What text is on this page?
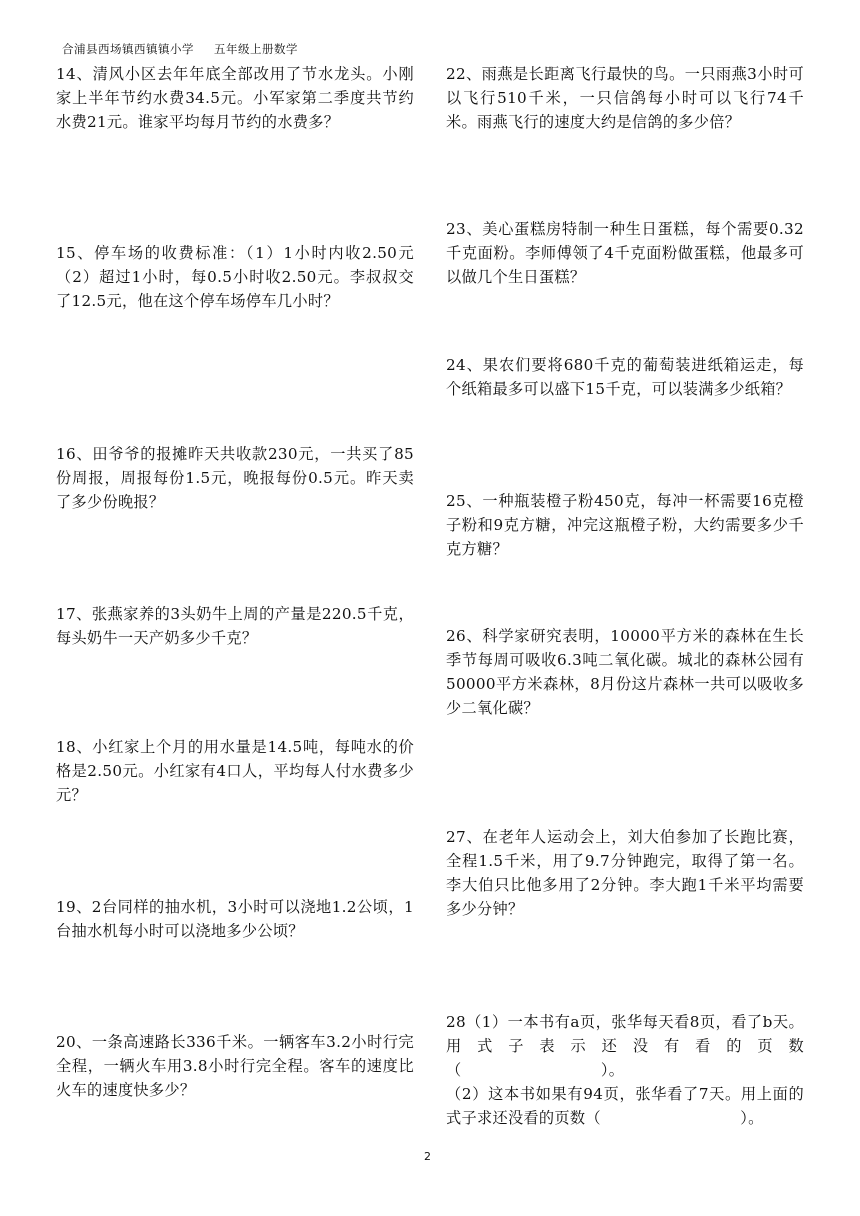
合浦县西场镇西镇镇小学 五年级上册数学

14、清风小区去年年底全部改用了节水龙头。小刚家上半年节约水费34.5元。小军家第二季度共节约水费21元。谁家平均每月节约的水费多？

15、停车场的收费标准：（1）1小时内收2.50元　（2）超过1小时，每0.5小时收2.50元。李叔叔交了12.5元，他在这个停车场停车几小时？

16、田爷爷的报摊昨天共收款230元，一共买了85份周报，周报每份1.5元，晚报每份0.5元。昨天卖了多少份晚报？

17、张燕家养的3头奶牛上周的产量是220.5千克，每头奶牛一天产奶多少千克？

18、小红家上个月的用水量是14.5吨，每吨水的价格是2.50元。小红家有4口人，平均每人付水费多少元？

19、2台同样的抽水机，3小时可以浇地1.2公顷，1台抽水机每小时可以浇地多少公顷？

20、一条高速路长336千米。一辆客车3.2小时行完全程，一辆火车用3.8小时行完全程。客车的速度比火车的速度快多少？

22、雨燕是长距离飞行最快的鸟。一只雨燕3小时可以飞行510千米，一只信鸽每小时可以飞行74千米。雨燕飞行的速度大约是信鸽的多少倍？

23、美心蛋糕房特制一种生日蛋糕，每个需要0.32千克面粉。李师傅领了4千克面粉做蛋糕，他最多可以做几个生日蛋糕？

24、果农们要将680千克的葡萄装进纸箱运走，每个纸箱最多可以盛下15千克，可以装满多少纸箱？

25、一种瓶装橙子粉450克，每冲一杯需要16克橙子粉和9克方糖，冲完这瓶橙子粉，大约需要多少千克方糖？

26、科学家研究表明，10000平方米的森林在生长季节每周可吸收6.3吨二氧化碳。城北的森林公园有50000平方米森林，8月份这片森林一共可以吸收多少二氧化碳？

27、在老年人运动会上，刘大伯参加了长跑比赛，全程1.5千米，用了9.7分钟跑完，取得了第一名。李大伯只比他多用了2分钟。李大跑1千米平均需要多少分钟？

28（1）一本书有a页，张华每天看8页，看了b天。用式子表示还没有看的页数（　　　　　　　　　）。

（2）这本书如果有94页，张华看了7天。用上面的式子求还没看的页数（　　　　　　　　　）。

2
